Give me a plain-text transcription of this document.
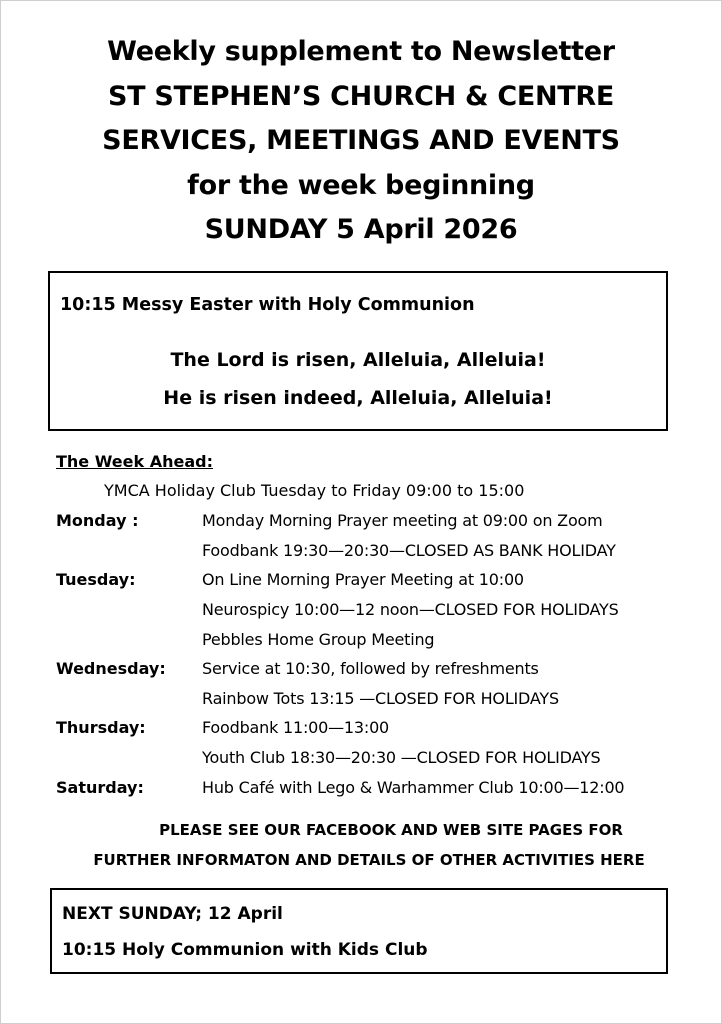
Weekly supplement to Newsletter
ST STEPHEN’S CHURCH & CENTRE
SERVICES, MEETINGS AND EVENTS
for the week beginning
SUNDAY 5 April 2026
10:15 Messy Easter with Holy Communion
The Lord is risen, Alleluia, Alleluia!
He is risen indeed, Alleluia, Alleluia!
The Week Ahead:
YMCA Holiday Club Tuesday to Friday 09:00 to 15:00
Monday :	Monday Morning Prayer meeting at 09:00 on Zoom
Foodbank 19:30—20:30—CLOSED AS BANK HOLIDAY
Tuesday:	On Line Morning Prayer Meeting at 10:00
Neurospicy 10:00—12 noon—CLOSED FOR HOLIDAYS
Pebbles Home Group Meeting
Wednesday: Service at 10:30, followed by refreshments
Rainbow Tots 13:15 —CLOSED FOR HOLIDAYS
Thursday:	Foodbank 11:00—13:00
Youth Club 18:30—20:30 —CLOSED FOR HOLIDAYS
Saturday:	Hub Café with Lego & Warhammer Club 10:00—12:00
PLEASE SEE OUR FACEBOOK AND WEB SITE PAGES FOR
FURTHER INFORMATON AND DETAILS OF OTHER ACTIVITIES HERE
NEXT SUNDAY; 12 April
10:15 Holy Communion with Kids Club
